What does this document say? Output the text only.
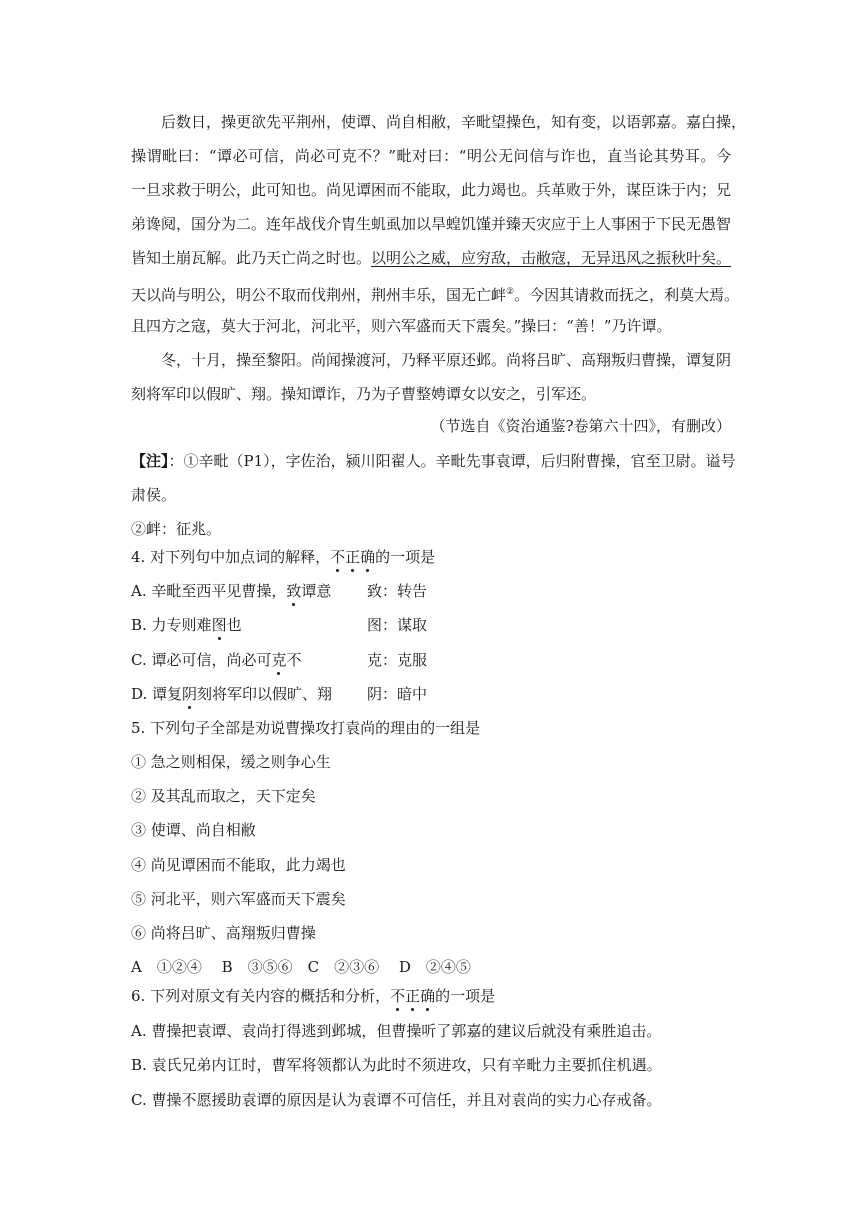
后数日，操更欲先平荆州，使谭、尚自相敝，辛毗望操色，知有变，以语郭嘉。嘉白操，
操谓毗曰：“谭必可信，尚必可克不？”毗对曰：“明公无问信与诈也，直当论其势耳。今
一旦求救于明公，此可知也。尚见谭困而不能取，此力竭也。兵革败于外，谋臣诛于内；兄
弟谗阋，国分为二。连年战伐介胄生虮虱加以旱蝗饥馑并臻天灾应于上人事困于下民无愚智
皆知土崩瓦解。此乃天亡尚之时也。以明公之威，应穷敌，击敝寇，无异迅风之振秋叶矣。
天以尚与明公，明公不取而伐荆州，荆州丰乐，国无亡衅②。今因其请救而抚之，利莫大焉。
且四方之寇，莫大于河北，河北平，则六军盛而天下震矣。”操曰：“善！”乃许谭。
冬，十月，操至黎阳。尚闻操渡河，乃释平原还邺。尚将吕旷、高翔叛归曹操，谭复阴
刻将军印以假旷、翔。操知谭诈，乃为子曹整娉谭女以安之，引军还。
（节选自《资治通鉴?卷第六十四》，有删改）
【注】：①辛毗（P1），字佐治，颍川阳翟人。辛毗先事袁谭，后归附曹操，官至卫尉。谥号
肃侯。
②衅：征兆。
4. 对下列句中加点词的解释，不正确的一项是
A. 辛毗至西平见曹操，致谭意 致：转告
B. 力专则难图也	图：谋取
C. 谭必可信，尚必可克不	克：克服
D. 谭复阴刻将军印以假旷、翔 阴：暗中
5. 下列句子全部是劝说曹操攻打袁尚的理由的一组是
① 急之则相保，缓之则争心生
② 及其乱而取之，天下定矣
③ 使谭、尚自相敝
④ 尚见谭困而不能取，此力竭也
⑤ 河北平，则六军盛而天下震矣
⑥ 尚将吕旷、高翔叛归曹操
A　①②④　 B　③⑤⑥　C　②③⑥　 D　②④⑤
6. 下列对原文有关内容的概括和分析，不正确的一项是
A. 曹操把袁谭、袁尚打得逃到邺城，但曹操听了郭嘉的建议后就没有乘胜追击。
B. 袁氏兄弟内讧时，曹军将领都认为此时不须进攻，只有辛毗力主要抓住机遇。
C. 曹操不愿援助袁谭的原因是认为袁谭不可信任，并且对袁尚的实力心存戒备。
